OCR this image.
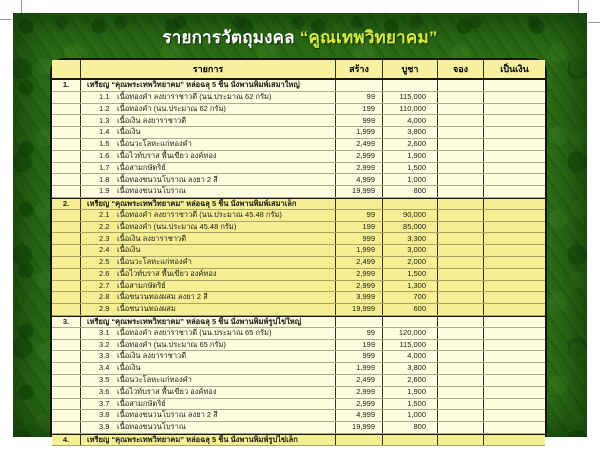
รายการวัตถุมงคล “คูณเทพวิทยาคม”
รายการ	สร้าง	บูชา	จอง	เป็นเงิน
1.	เหรียญ “คุณพระเทพวิทยาคม” หล่อฉลุ 5 ชิ้น นั่งพานพิมพ์เสมาใหญ่
1.1	เนื้อทองคำ ลงยาราชาวดี (นน.ประมาณ 62 กรัม)	99	115,000
1.2	เนื้อทองคำ (นน.ประมาณ 62 กรัม)	199	110,000
1.3	เนื้อเงิน ลงยาราชาวดี	999	4,000
1.4	เนื้อเงิน	1,999	3,800
1.5	เนื้อนวะโลหะแก่ทองคำ	2,499	2,600
1.6	เนื้อไวท์บราส พื้นเขียว องค์ทอง	2,999	1,900
1.7	เนื้อสามกษัตริย์	2,999	1,500
1.8	เนื้อทองชนวนโบราณ ลงยา 2 สี	4,999	1,000
1.9	เนื้อทองชนวนโบราณ	19,999	800
2.	เหรียญ “คุณพระเทพวิทยาคม” หล่อฉลุ 5 ชิ้น นั่งพานพิมพ์เสมาเล็ก
2.1	เนื้อทองคำ ลงยาราชาวดี (นน.ประมาณ 45.48 กรัม)	99	90,000
2.2	เนื้อทองคำ (นน.ประมาณ 45.48 กรัม)	199	85,000
2.3	เนื้อเงิน ลงยาราชาวดี	999	3,300
2.4	เนื้อเงิน	1,999	3,000
2.5	เนื้อนวะโลหะแก่ทองคำ	2,499	2,000
2.6	เนื้อไวท์บราส พื้นเขียว องค์ทอง	2,999	1,500
2.7	เนื้อสามกษัตริย์	2,999	1,300
2.8	เนื้อชนวนทองผสม ลงยา 2 สี	3,999	700
2.9	เนื้อชนวนทองผสม	19,999	600
3.	เหรียญ “คุณพระเทพวิทยาคม” หล่อฉลุ 5 ชิ้น นั่งพานพิมพ์รูปไข่ใหญ่
3.1	เนื้อทองคำ ลงยาราชาวดี (นน.ประมาณ 65 กรัม)	99	120,000
3.2	เนื้อทองคำ (นน.ประมาณ 65 กรัม)	199	115,000
3.3	เนื้อเงิน ลงยาราชาวดี	999	4,000
3.4	เนื้อเงิน	1,999	3,800
3.5	เนื้อนวะโลหะแก่ทองคำ	2,499	2,600
3.6	เนื้อไวท์บราส พื้นเขียว องค์ทอง	2,999	1,900
3.7	เนื้อสามกษัตริย์	2,999	1,500
3.8	เนื้อทองชนวนโบราณ ลงยา 2 สี	4,999	1,000
3.9	เนื้อทองชนวนโบราณ	19,999	800
4.	เหรียญ “คุณพระเทพวิทยาคม” หล่อฉลุ 5 ชิ้น นั่งพานพิมพ์รูปไข่เล็ก
